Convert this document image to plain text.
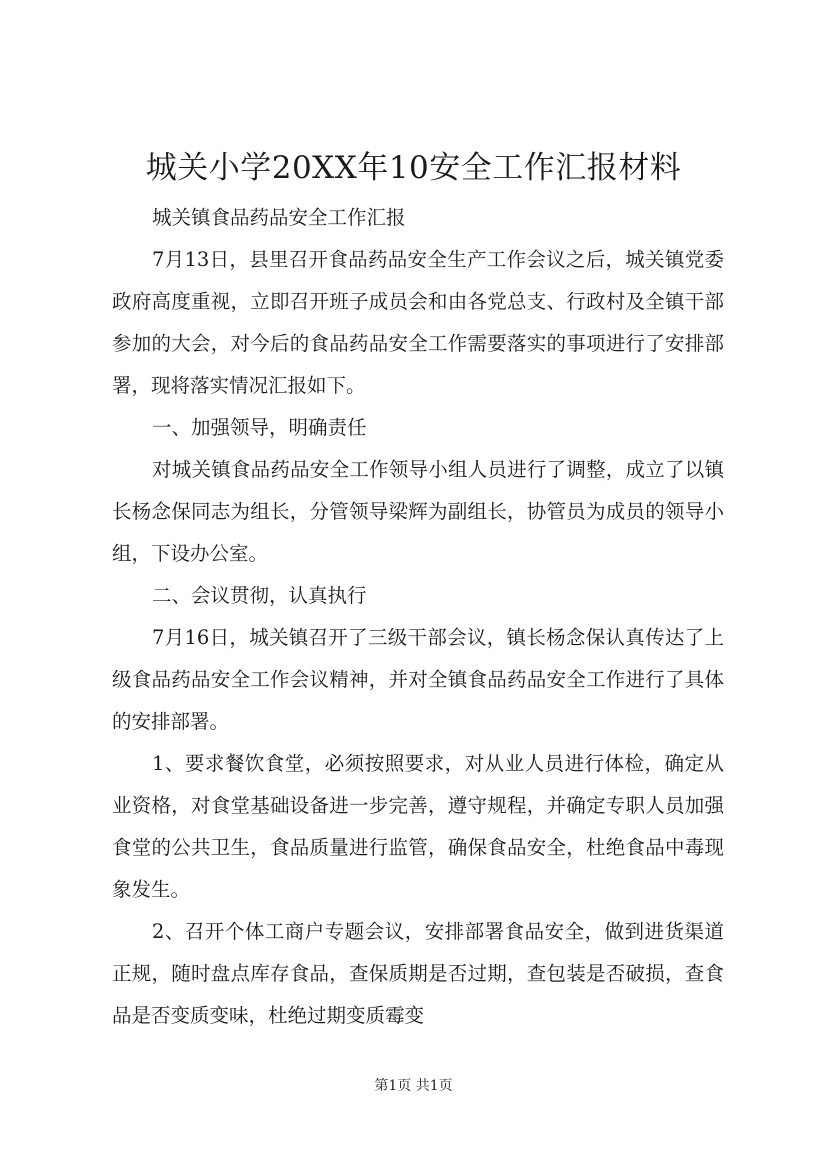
城关小学20XX年10安全工作汇报材料

城关镇食品药品安全工作汇报

7月13日，县里召开食品药品安全生产工作会议之后，城关镇党委政府高度重视，立即召开班子成员会和由各党总支、行政村及全镇干部参加的大会，对今后的食品药品安全工作需要落实的事项进行了安排部署，现将落实情况汇报如下。

一、加强领导，明确责任

对城关镇食品药品安全工作领导小组人员进行了调整，成立了以镇长杨念保同志为组长，分管领导梁辉为副组长，协管员为成员的领导小组，下设办公室。

二、会议贯彻，认真执行

7月16日，城关镇召开了三级干部会议，镇长杨念保认真传达了上级食品药品安全工作会议精神，并对全镇食品药品安全工作进行了具体的安排部署。

1、要求餐饮食堂，必须按照要求，对从业人员进行体检，确定从业资格，对食堂基础设备进一步完善，遵守规程，并确定专职人员加强食堂的公共卫生，食品质量进行监管，确保食品安全，杜绝食品中毒现象发生。

2、召开个体工商户专题会议，安排部署食品安全，做到进货渠道正规，随时盘点库存食品，查保质期是否过期，查包装是否破损，查食品是否变质变味，杜绝过期变质霉变

第1页 共1页
